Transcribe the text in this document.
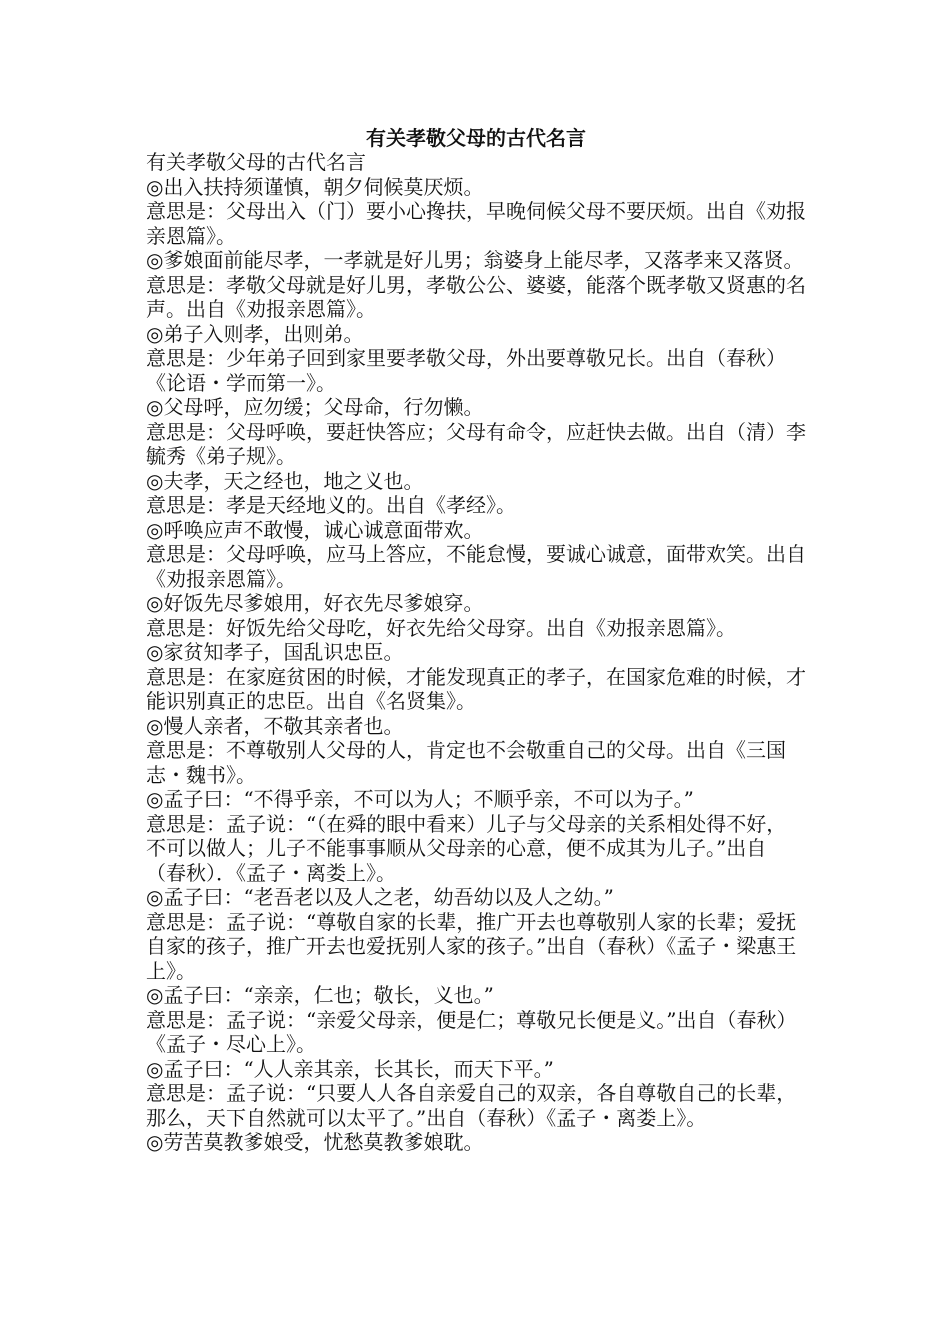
有关孝敬父母的古代名言
有关孝敬父母的古代名言
◎出入扶持须谨慎，朝夕伺候莫厌烦。
意思是：父母出入（门）要小心搀扶，早晚伺候父母不要厌烦。出自《劝报亲恩篇》。
◎爹娘面前能尽孝，一孝就是好儿男；翁婆身上能尽孝，又落孝来又落贤。
意思是：孝敬父母就是好儿男，孝敬公公、婆婆，能落个既孝敬又贤惠的名声。出自《劝报亲恩篇》。
◎弟子入则孝，出则弟。
意思是：少年弟子回到家里要孝敬父母，外出要尊敬兄长。出自（春秋）《论语・学而第一》。
◎父母呼，应勿缓；父母命，行勿懒。
意思是：父母呼唤，要赶快答应；父母有命令，应赶快去做。出自（清）李毓秀《弟子规》。
◎夫孝，天之经也，地之义也。
意思是：孝是天经地义的。出自《孝经》。
◎呼唤应声不敢慢，诚心诚意面带欢。
意思是：父母呼唤，应马上答应，不能怠慢，要诚心诚意，面带欢笑。出自《劝报亲恩篇》。
◎好饭先尽爹娘用，好衣先尽爹娘穿。
意思是：好饭先给父母吃，好衣先给父母穿。出自《劝报亲恩篇》。
◎家贫知孝子，国乱识忠臣。
意思是：在家庭贫困的时候，才能发现真正的孝子，在国家危难的时候，才能识别真正的忠臣。出自《名贤集》。
◎慢人亲者，不敬其亲者也。
意思是：不尊敬别人父母的人，肯定也不会敬重自己的父母。出自《三国志・魏书》。
◎孟子曰：“不得乎亲，不可以为人；不顺乎亲，不可以为子。”
意思是：孟子说：“（在舜的眼中看来）儿子与父母亲的关系相处得不好，不可以做人；儿子不能事事顺从父母亲的心意，便不成其为儿子。”出自（春秋）．《孟子・离娄上》。
◎孟子曰：“老吾老以及人之老，幼吾幼以及人之幼。”
意思是：孟子说：“尊敬自家的长辈，推广开去也尊敬别人家的长辈；爱抚自家的孩子，推广开去也爱抚别人家的孩子。”出自（春秋）《孟子・梁惠王上》。
◎孟子曰：“亲亲，仁也；敬长，义也。”
意思是：孟子说：“亲爱父母亲，便是仁；尊敬兄长便是义。”出自（春秋）《孟子・尽心上》。
◎孟子曰：“人人亲其亲，长其长，而天下平。”
意思是：孟子说：“只要人人各自亲爱自己的双亲，各自尊敬自己的长辈，那么，天下自然就可以太平了。”出自（春秋）《孟子・离娄上》。
◎劳苦莫教爹娘受，忧愁莫教爹娘耽。
